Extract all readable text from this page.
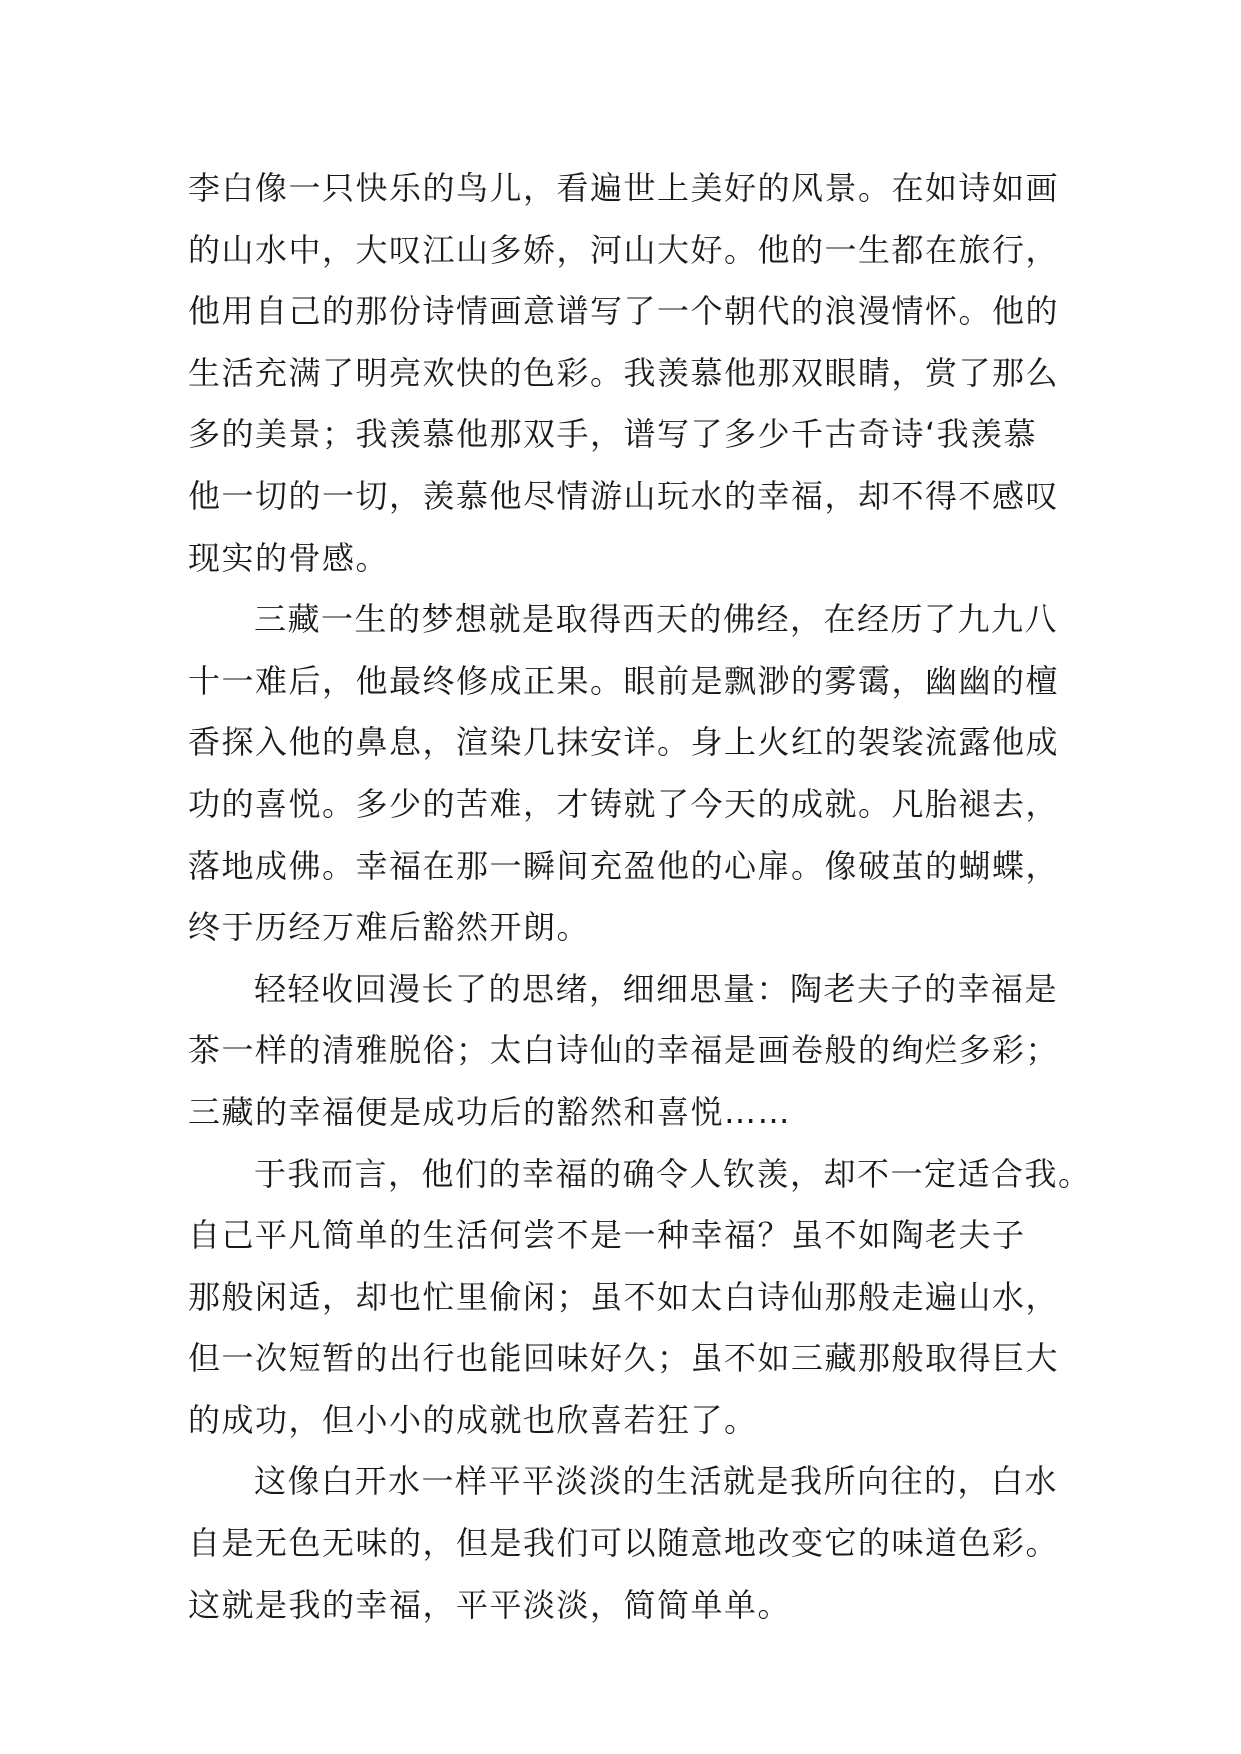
李白像一只快乐的鸟儿，看遍世上美好的风景。在如诗如画
的山水中，大叹江山多娇，河山大好。他的一生都在旅行，
他用自己的那份诗情画意谱写了一个朝代的浪漫情怀。他的
生活充满了明亮欢快的色彩。我羡慕他那双眼睛，赏了那么
多的美景；我羡慕他那双手，谱写了多少千古奇诗‘我羡慕
他一切的一切，羡慕他尽情游山玩水的幸福，却不得不感叹
现实的骨感。
三藏一生的梦想就是取得西天的佛经，在经历了九九八
十一难后，他最终修成正果。眼前是飘渺的雾霭，幽幽的檀
香探入他的鼻息，渲染几抹安详。身上火红的袈裟流露他成
功的喜悦。多少的苦难，才铸就了今天的成就。凡胎褪去，
落地成佛。幸福在那一瞬间充盈他的心扉。像破茧的蝴蝶，
终于历经万难后豁然开朗。
轻轻收回漫长了的思绪，细细思量：陶老夫子的幸福是
茶一样的清雅脱俗；太白诗仙的幸福是画卷般的绚烂多彩；
三藏的幸福便是成功后的豁然和喜悦……
于我而言，他们的幸福的确令人钦羡，却不一定适合我。
自己平凡简单的生活何尝不是一种幸福？虽不如陶老夫子
那般闲适，却也忙里偷闲；虽不如太白诗仙那般走遍山水，
但一次短暂的出行也能回味好久；虽不如三藏那般取得巨大
的成功，但小小的成就也欣喜若狂了。
这像白开水一样平平淡淡的生活就是我所向往的，白水
自是无色无味的，但是我们可以随意地改变它的味道色彩。
这就是我的幸福，平平淡淡，简简单单。
